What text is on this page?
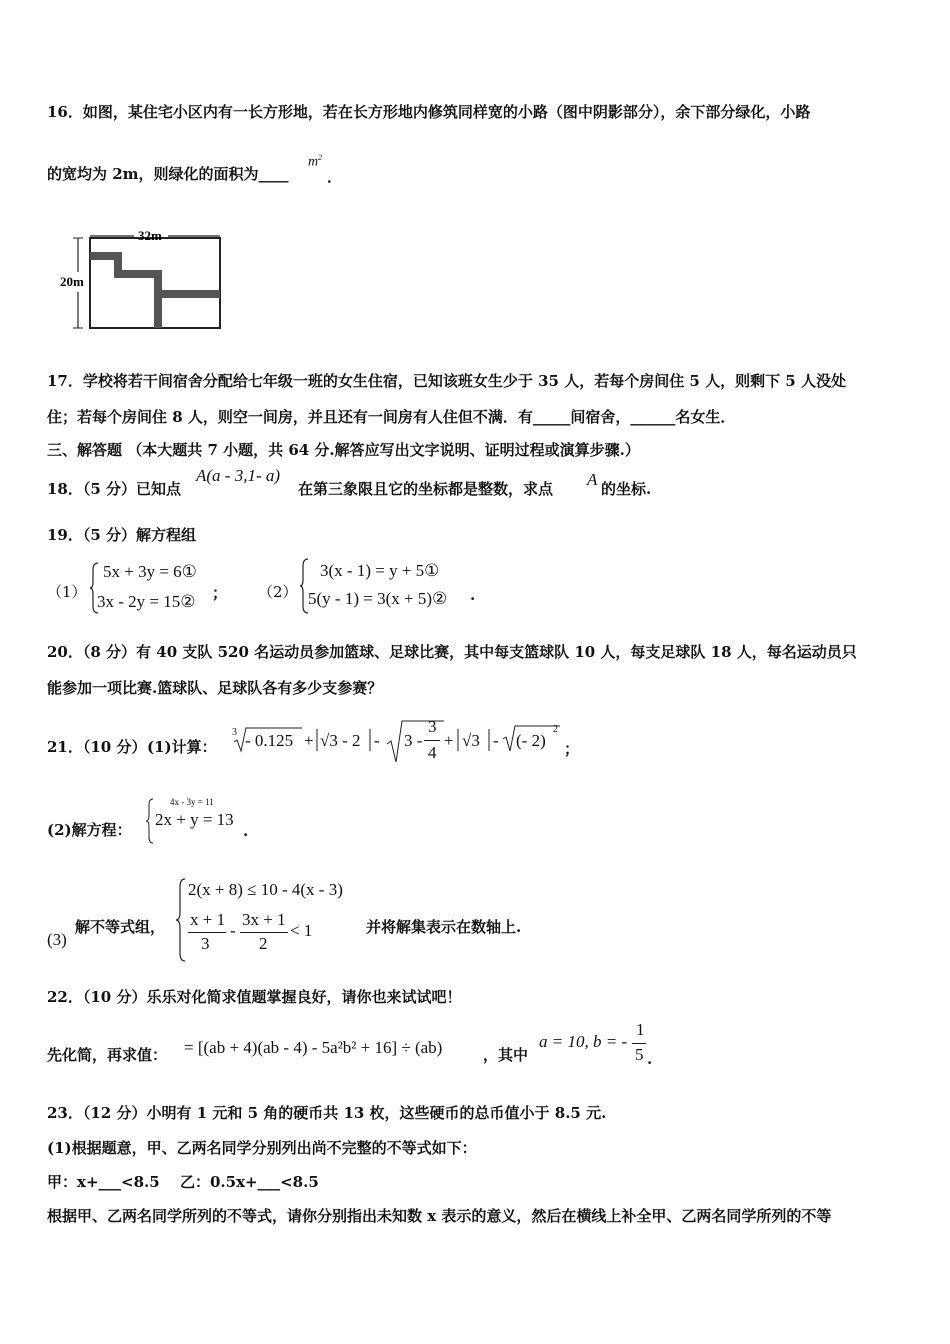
16．如图，某住宅小区内有一长方形地，若在长方形地内修筑同样宽的小路（图中阴影部分），余下部分绿化，小路
的宽均为 2m，则绿化的面积为____
$m^2$
．
32m
20m
17．学校将若干间宿舍分配给七年级一班的女生住宿，已知该班女生少于 35 人，若每个房间住 5 人，则剩下 5 人没处
住；若每个房间住 8 人，则空一间房，并且还有一间房有人住但不满．有_____间宿舍，______名女生．
三、解答题 （本大题共 7 小题，共 64 分.解答应写出文字说明、证明过程或演算步骤.）
18．（5 分）已知点
A(a - 3,1- a)
在第三象限且它的坐标都是整数，求点 A 的坐标.
19．（5 分）解方程组
（1）
5x + 3y = 6①
3x - 2y = 15② ； （2）
3(x - 1) = y + 5①
5(y - 1) = 3(x + 5)② .
20．（8 分）有 40 支队 520 名运动员参加篮球、足球比赛，其中每支篮球队 10 人，每支足球队 18 人，每名运动员只
能参加一项比赛.篮球队、足球队各有多少支参赛？
21．（10 分） (1)计算：
3 - 0.125 + √3 - 2 - 3 -
3
4
+ √3 - (- 2)
2
；
(2)解方程：
4x - 3y = 11
2x + y = 13
.
(3)
解不等式组，
2(x + 8) ≤ 10 - 4(x - 3)
x + 1
3
-
3x + 1
2
< 1	并将解集表示在数轴上.
22．（10 分）乐乐对化简求值题掌握良好，请你也来试试吧！
先化简，再求值： = [(ab + 4)(ab - 4) - 5a²b² + 16] ÷ (ab)	，其中
a = 10, b = -
1
5 .
23．（12 分）小明有 1 元和 5 角的硬币共 13 枚，这些硬币的总币值小于 8.5 元.
(1)根据题意，甲、乙两名同学分别列出尚不完整的不等式如下：
甲：x+___<8.5 乙：0.5x+___<8.5
根据甲、乙两名同学所列的不等式，请你分别指出未知数 x 表示的意义，然后在横线上补全甲、乙两名同学所列的不等
